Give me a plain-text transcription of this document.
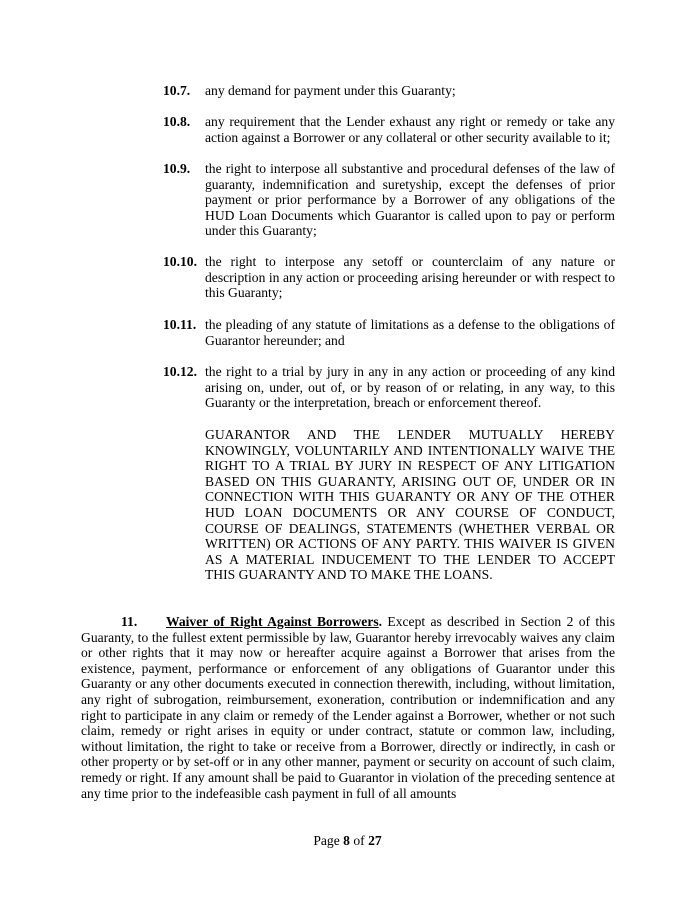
10.7. any demand for payment under this Guaranty;
10.8. any requirement that the Lender exhaust any right or remedy or take any action against a Borrower or any collateral or other security available to it;
10.9. the right to interpose all substantive and procedural defenses of the law of guaranty, indemnification and suretyship, except the defenses of prior payment or prior performance by a Borrower of any obligations of the HUD Loan Documents which Guarantor is called upon to pay or perform under this Guaranty;
10.10. the right to interpose any setoff or counterclaim of any nature or description in any action or proceeding arising hereunder or with respect to this Guaranty;
10.11. the pleading of any statute of limitations as a defense to the obligations of Guarantor hereunder; and
10.12. the right to a trial by jury in any in any action or proceeding of any kind arising on, under, out of, or by reason of or relating, in any way, to this Guaranty or the interpretation, breach or enforcement thereof.
GUARANTOR AND THE LENDER MUTUALLY HEREBY KNOWINGLY, VOLUNTARILY AND INTENTIONALLY WAIVE THE RIGHT TO A TRIAL BY JURY IN RESPECT OF ANY LITIGATION BASED ON THIS GUARANTY, ARISING OUT OF, UNDER OR IN CONNECTION WITH THIS GUARANTY OR ANY OF THE OTHER HUD LOAN DOCUMENTS OR ANY COURSE OF CONDUCT, COURSE OF DEALINGS, STATEMENTS (WHETHER VERBAL OR WRITTEN) OR ACTIONS OF ANY PARTY. THIS WAIVER IS GIVEN AS A MATERIAL INDUCEMENT TO THE LENDER TO ACCEPT THIS GUARANTY AND TO MAKE THE LOANS.
11. Waiver of Right Against Borrowers. Except as described in Section 2 of this Guaranty, to the fullest extent permissible by law, Guarantor hereby irrevocably waives any claim or other rights that it may now or hereafter acquire against a Borrower that arises from the existence, payment, performance or enforcement of any obligations of Guarantor under this Guaranty or any other documents executed in connection therewith, including, without limitation, any right of subrogation, reimbursement, exoneration, contribution or indemnification and any right to participate in any claim or remedy of the Lender against a Borrower, whether or not such claim, remedy or right arises in equity or under contract, statute or common law, including, without limitation, the right to take or receive from a Borrower, directly or indirectly, in cash or other property or by set-off or in any other manner, payment or security on account of such claim, remedy or right. If any amount shall be paid to Guarantor in violation of the preceding sentence at any time prior to the indefeasible cash payment in full of all amounts
Page 8 of 27
